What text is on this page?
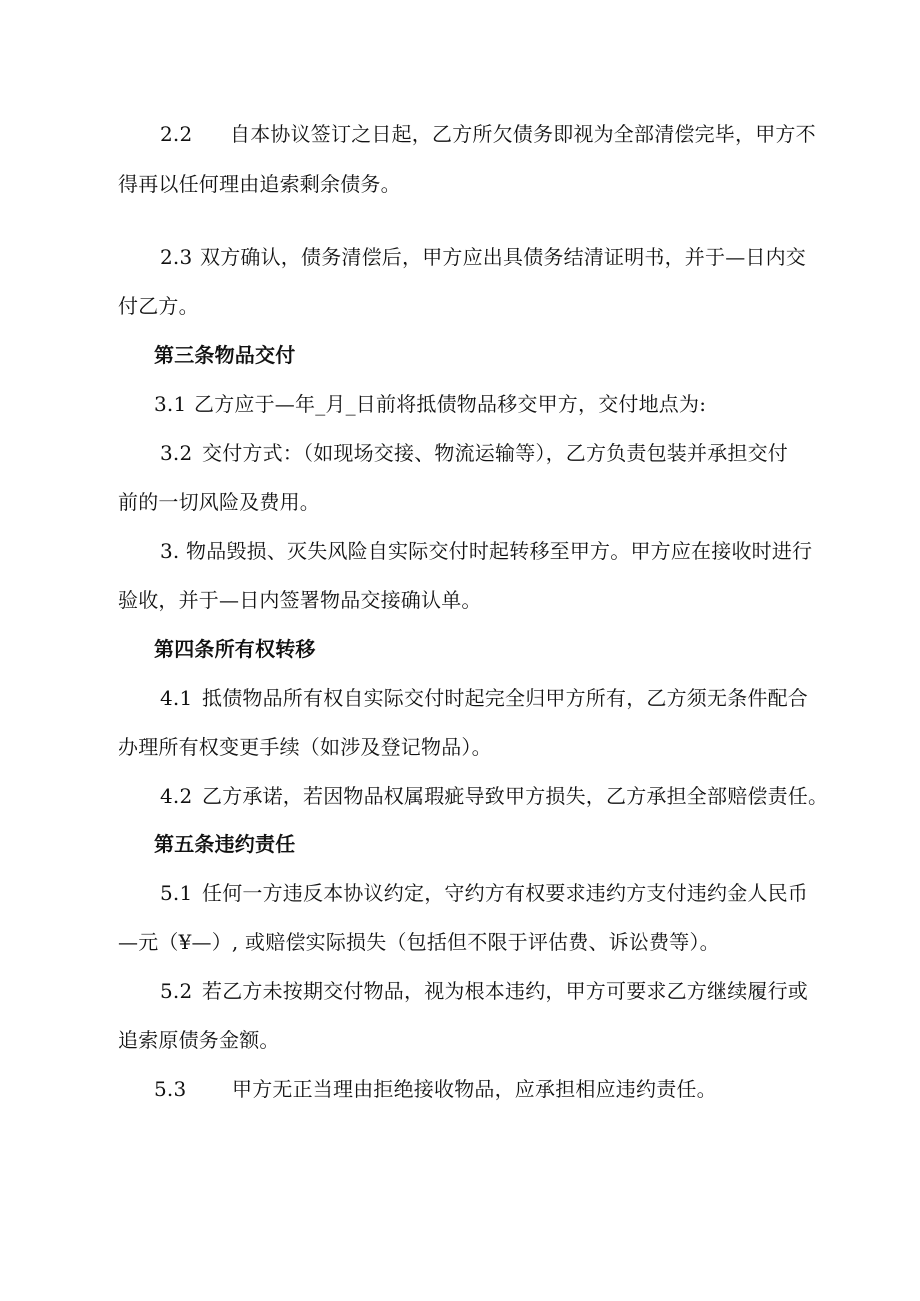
2.2 自本协议签订之日起，乙方所欠债务即视为全部清偿完毕，甲方不
得再以任何理由追索剩余债务。
2.3 双方确认，债务清偿后，甲方应出具债务结清证明书，并于—日内交
付乙方。
第三条物品交付
3.1 乙方应于—年_月_日前将抵债物品移交甲方，交付地点为:
3.2 交付方式：（如现场交接、物流运输等），乙方负责包装并承担交付
前的一切风险及费用。
3. 物品毁损、灭失风险自实际交付时起转移至甲方。甲方应在接收时进行
验收，并于—日内签署物品交接确认单。
第四条所有权转移
4.1 抵债物品所有权自实际交付时起完全归甲方所有，乙方须无条件配合
办理所有权变更手续（如涉及登记物品）。
4.2 乙方承诺，若因物品权属瑕疵导致甲方损失，乙方承担全部赔偿责任。
第五条违约责任
5.1 任何一方违反本协议约定，守约方有权要求违约方支付违约金人民币
—元（¥—）, 或赔偿实际损失（包括但不限于评估费、诉讼费等）。
5.2 若乙方未按期交付物品，视为根本违约，甲方可要求乙方继续履行或
追索原债务金额。
5.3 甲方无正当理由拒绝接收物品，应承担相应违约责任。
